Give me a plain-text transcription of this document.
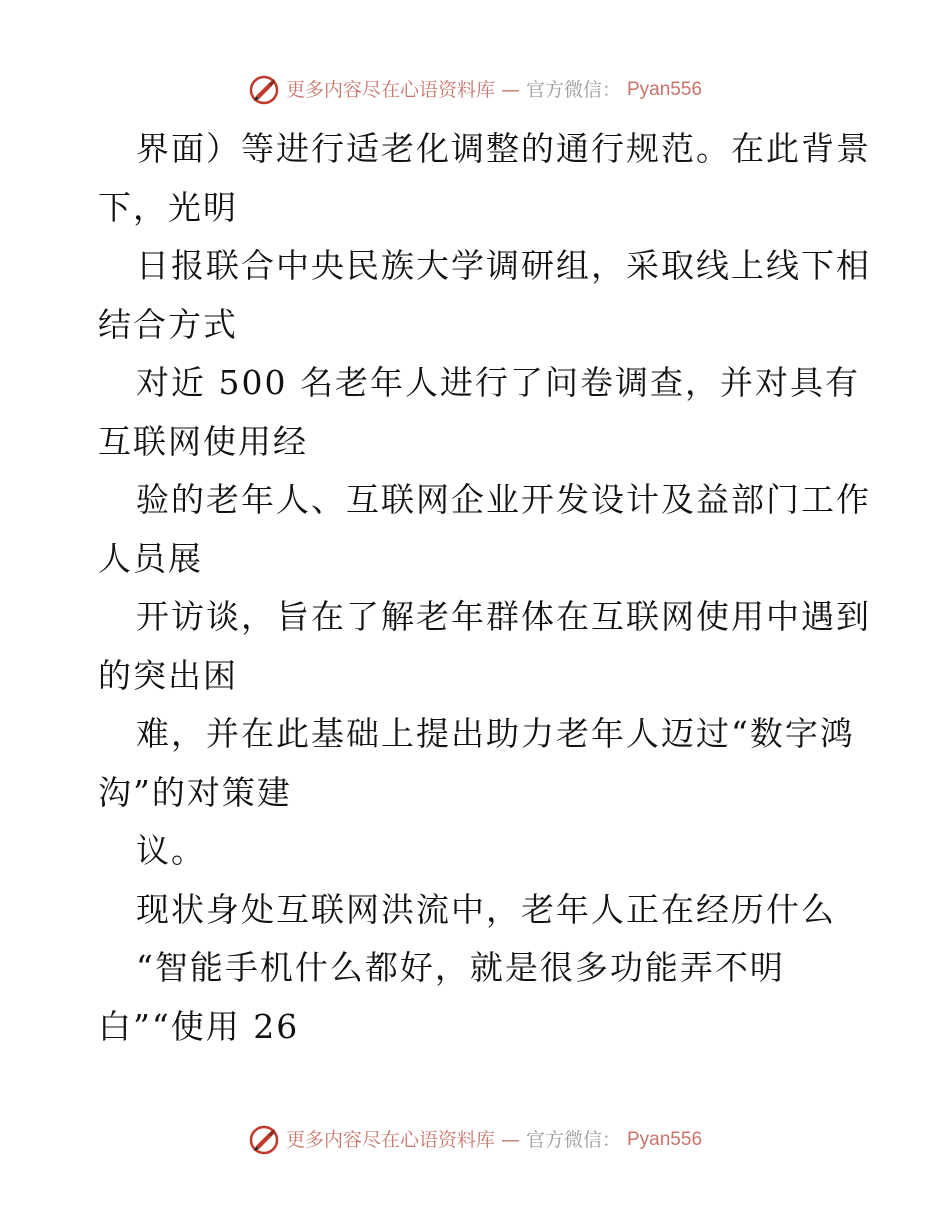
更多内容尽在心语资料库 — 官方微信： Pyan556
界面）等进行适老化调整的通行规范。在此背景
下，光明
日报联合中央民族大学调研组，采取线上线下相
结合方式
对近 500 名老年人进行了问卷调查，并对具有
互联网使用经
验的老年人、互联网企业开发设计及益部门工作
人员展
开访谈，旨在了解老年群体在互联网使用中遇到
的突出困
难，并在此基础上提出助力老年人迈过“数字鸿
沟”的对策建
议。
现状身处互联网洪流中，老年人正在经历什么
“智能手机什么都好，就是很多功能弄不明
白”“使用 26
更多内容尽在心语资料库 — 官方微信： Pyan556
